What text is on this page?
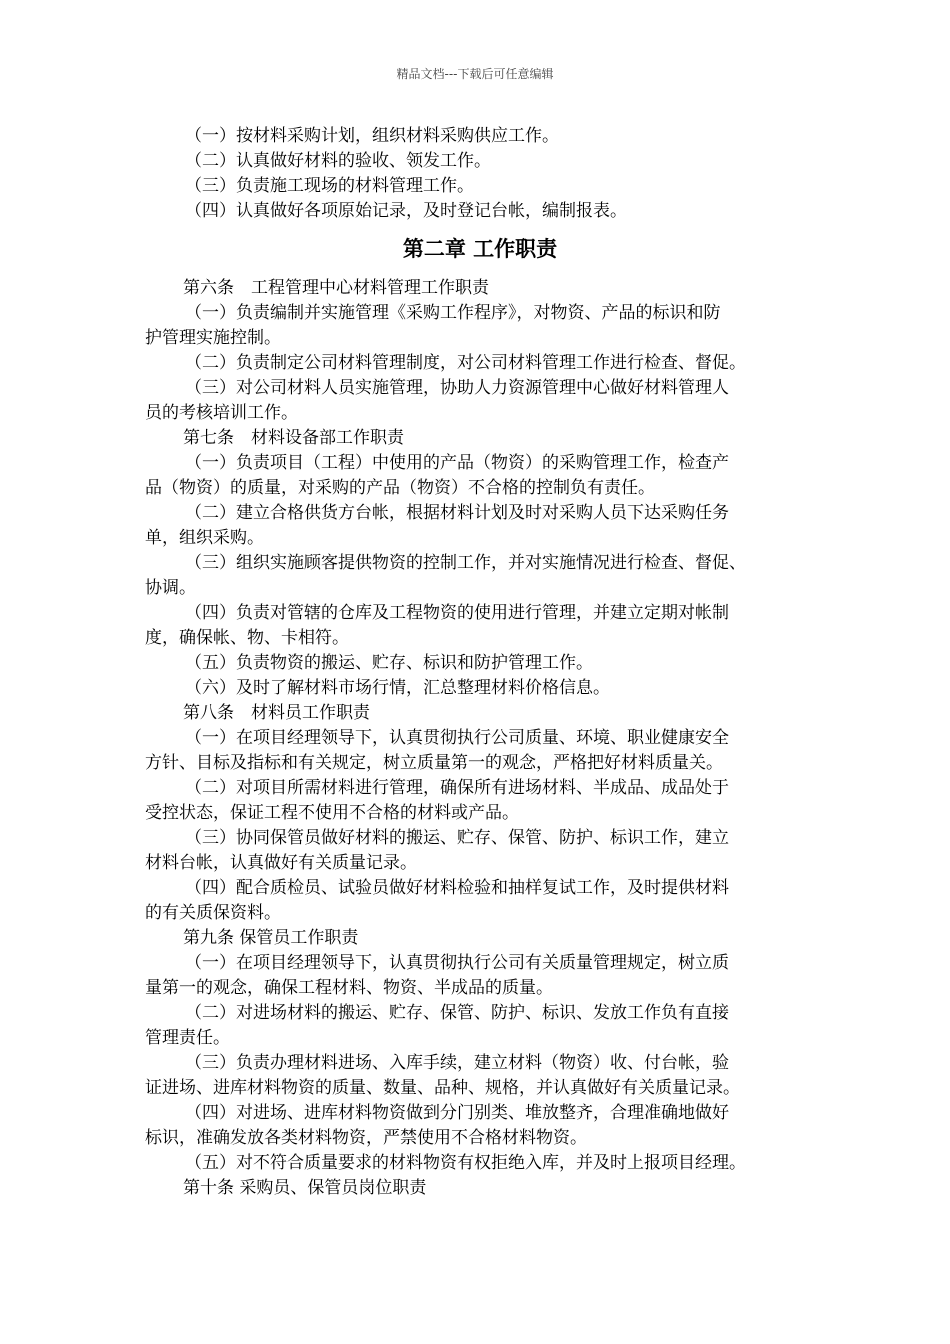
精品文档---下载后可任意编辑
（一）按材料采购计划，组织材料采购供应工作。
（二）认真做好材料的验收、领发工作。
（三）负责施工现场的材料管理工作。
（四）认真做好各项原始记录，及时登记台帐，编制报表。
第二章 工作职责
第六条　工程管理中心材料管理工作职责
（一）负责编制并实施管理《采购工作程序》，对物资、产品的标识和防
护管理实施控制。
（二）负责制定公司材料管理制度，对公司材料管理工作进行检查、督促。
（三）对公司材料人员实施管理，协助人力资源管理中心做好材料管理人
员的考核培训工作。
第七条　材料设备部工作职责
（一）负责项目（工程）中使用的产品（物资）的采购管理工作，检查产
品（物资）的质量，对采购的产品（物资）不合格的控制负有责任。
（二）建立合格供货方台帐，根据材料计划及时对采购人员下达采购任务
单，组织采购。
（三）组织实施顾客提供物资的控制工作，并对实施情况进行检查、督促、
协调。
（四）负责对管辖的仓库及工程物资的使用进行管理，并建立定期对帐制
度，确保帐、物、卡相符。
（五）负责物资的搬运、贮存、标识和防护管理工作。
（六）及时了解材料市场行情，汇总整理材料价格信息。
第八条　材料员工作职责
（一）在项目经理领导下，认真贯彻执行公司质量、环境、职业健康安全
方针、目标及指标和有关规定，树立质量第一的观念，严格把好材料质量关。
（二）对项目所需材料进行管理，确保所有进场材料、半成品、成品处于
受控状态，保证工程不使用不合格的材料或产品。
（三）协同保管员做好材料的搬运、贮存、保管、防护、标识工作，建立
材料台帐，认真做好有关质量记录。
（四）配合质检员、试验员做好材料检验和抽样复试工作，及时提供材料
的有关质保资料。
第九条 保管员工作职责
（一）在项目经理领导下，认真贯彻执行公司有关质量管理规定，树立质
量第一的观念，确保工程材料、物资、半成品的质量。
（二）对进场材料的搬运、贮存、保管、防护、标识、发放工作负有直接
管理责任。
（三）负责办理材料进场、入库手续，建立材料（物资）收、付台帐，验
证进场、进库材料物资的质量、数量、品种、规格，并认真做好有关质量记录。
（四）对进场、进库材料物资做到分门别类、堆放整齐，合理准确地做好
标识，准确发放各类材料物资，严禁使用不合格材料物资。
（五）对不符合质量要求的材料物资有权拒绝入库，并及时上报项目经理。
第十条 采购员、保管员岗位职责
